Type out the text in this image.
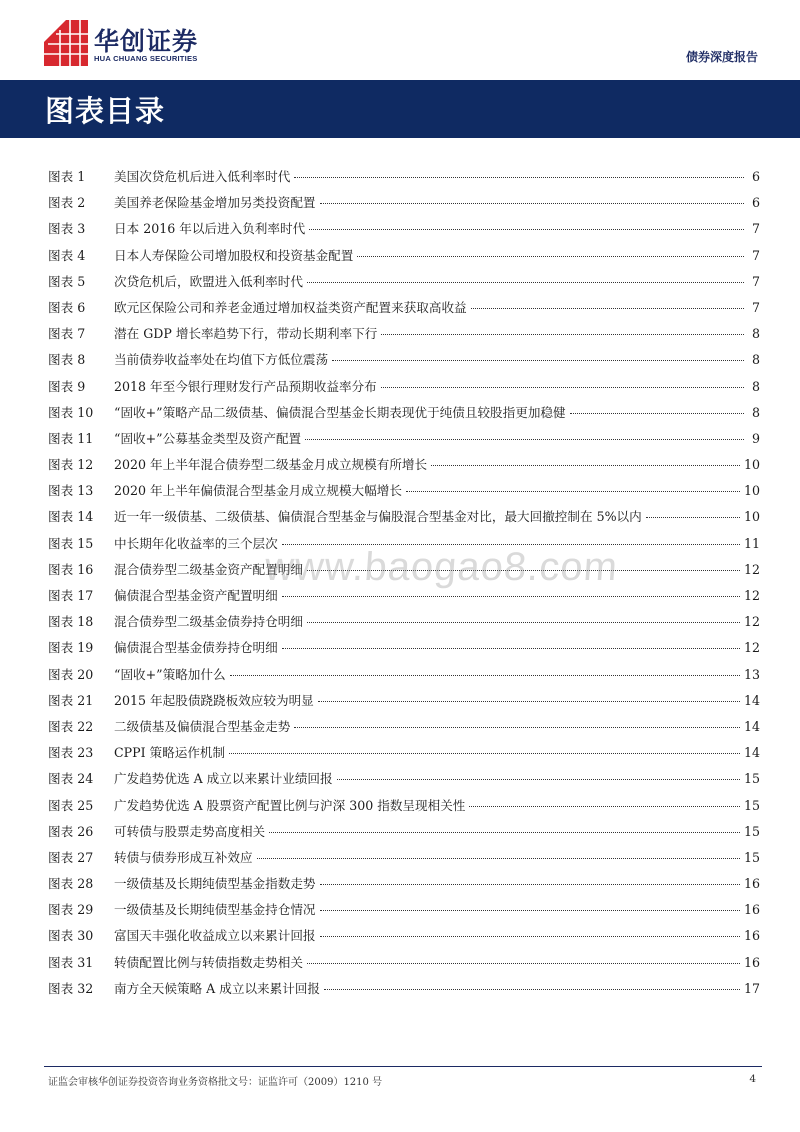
华创证券
HUA CHUANG SECURITIES	债券深度报告
图表目录
图表 1	美国次贷危机后进入低利率时代	6
图表 2	美国养老保险基金增加另类投资配置	6
图表 3	日本 2016 年以后进入负利率时代	7
图表 4	日本人寿保险公司增加股权和投资基金配置	7
图表 5	次贷危机后，欧盟进入低利率时代	7
图表 6	欧元区保险公司和养老金通过增加权益类资产配置来获取高收益	7
图表 7	潜在 GDP 增长率趋势下行，带动长期利率下行	8
图表 8	当前债券收益率处在均值下方低位震荡	8
图表 9	2018 年至今银行理财发行产品预期收益率分布	8
图表 10	“固收+”策略产品二级债基、偏债混合型基金长期表现优于纯债且较股指更加稳健	8
图表 11	“固收+”公募基金类型及资产配置	9
图表 12	2020 年上半年混合债券型二级基金月成立规模有所增长	10
图表 13	2020 年上半年偏债混合型基金月成立规模大幅增长	10
图表 14	近一年一级债基、二级债基、偏债混合型基金与偏股混合型基金对比，最大回撤控制在 5%以内	10
图表 15	中长期年化收益率的三个层次	11
图表 16	混合债券型二级基金资产配置明细	12
图表 17	偏债混合型基金资产配置明细	12
图表 18	混合债券型二级基金债券持仓明细	12
图表 19	偏债混合型基金债券持仓明细	12
图表 20	“固收+”策略加什么	13
图表 21	2015 年起股债跷跷板效应较为明显	14
图表 22	二级债基及偏债混合型基金走势	14
图表 23	CPPI 策略运作机制	14
图表 24	广发趋势优选 A 成立以来累计业绩回报	15
图表 25	广发趋势优选 A 股票资产配置比例与沪深 300 指数呈现相关性	15
图表 26	可转债与股票走势高度相关	15
图表 27	转债与债券形成互补效应	15
图表 28	一级债基及长期纯债型基金指数走势	16
图表 29	一级债基及长期纯债型基金持仓情况	16
图表 30	富国天丰强化收益成立以来累计回报	16
图表 31	转债配置比例与转债指数走势相关	16
图表 32	南方全天候策略 A 成立以来累计回报	17
www.baogao8.com
证监会审核华创证券投资咨询业务资格批文号：证监许可（2009）1210 号	4
